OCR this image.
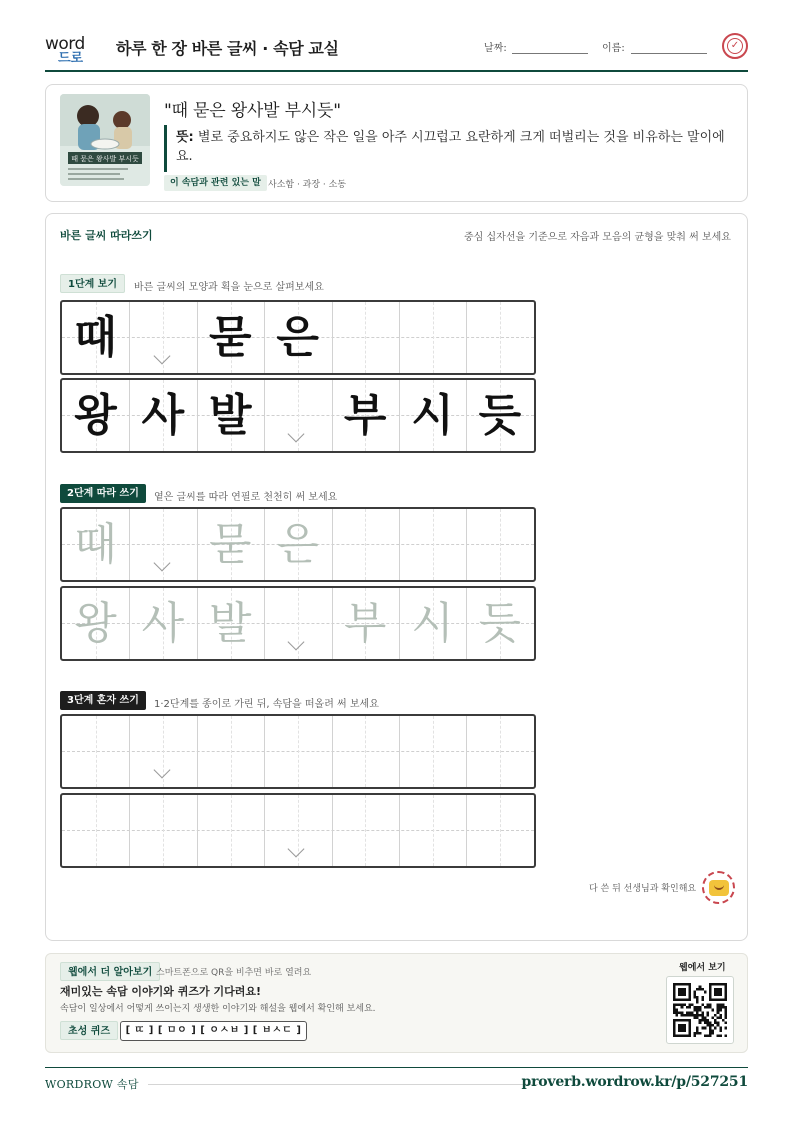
word
드로
하루 한 장 바른 글씨 · 속담 교실	날짜:	이름:	✓
때 묻은 왕사발 부시듯
"때 묻은 왕사발 부시듯"
뜻: 별로 중요하지도 않은 작은 일을 아주 시끄럽고 요란하게 크게 떠벌리는 것을 비유하는 말이에요.
이 속담과 관련 있는 말 사소함 · 과장 · 소동
바른 글씨 따라쓰기	중심 십자선을 기준으로 자음과 모음의 균형을 맞춰 써 보세요
1단계 보기	바른 글씨의 모양과 획을 눈으로 살펴보세요
2단계 따라 쓰기	옅은 글씨를 따라 연필로 천천히 써 보세요
3단계 혼자 쓰기	1·2단계를 종이로 가린 뒤, 속담을 떠올려 써 보세요
때 묻 은
왕 사 발 부 시 듯
때 묻 은
왕 사 발 부 시 듯
다 쓴 뒤 선생님과 확인해요
웹에서 더 알아보기 스마트폰으로 QR을 비추면 바로 열려요
재미있는 속담 이야기와 퀴즈가 기다려요!
속담이 일상에서 어떻게 쓰이는지 생생한 이야기와 해설을 웹에서 확인해 보세요.
초성 퀴즈	[ ㄸ ] [ ㅁㅇ ] [ ㅇㅅㅂ ] [ ㅂㅅㄷ ]
웹에서 보기
WORDROW 속담	proverb.wordrow.kr/p/527251
